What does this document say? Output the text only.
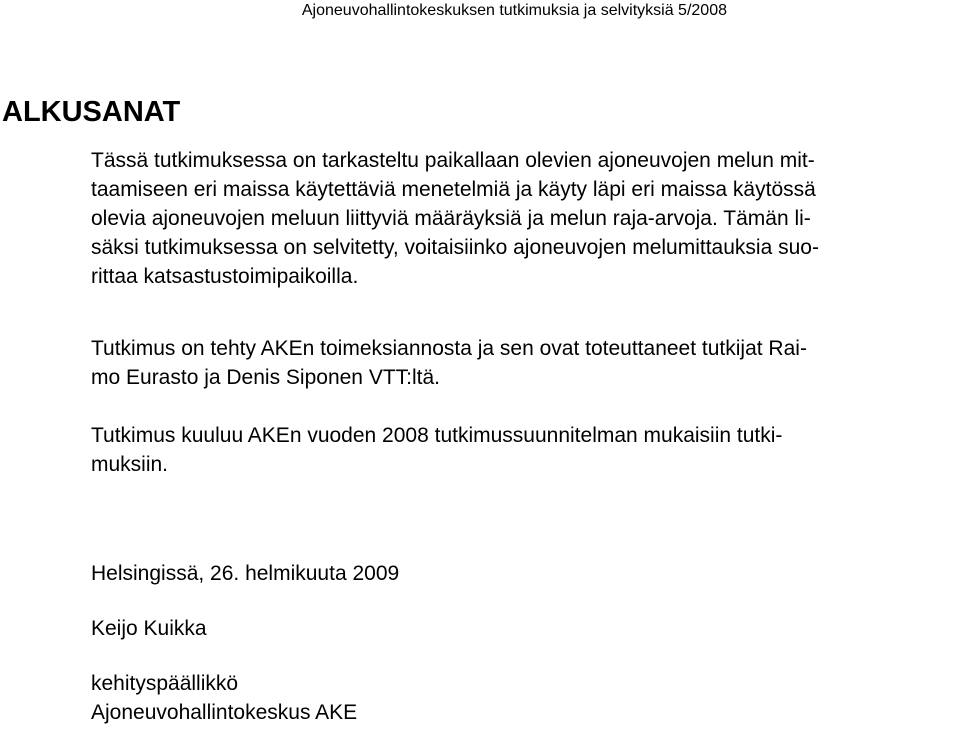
Ajoneuvohallintokeskuksen tutkimuksia ja selvityksiä 5/2008
ALKUSANAT

Tässä tutkimuksessa on tarkasteltu paikallaan olevien ajoneuvojen melun mit-
taamiseen eri maissa käytettäviä menetelmiä ja käyty läpi eri maissa käytössä
olevia ajoneuvojen meluun liittyviä määräyksiä ja melun raja-arvoja. Tämän li-
säksi tutkimuksessa on selvitetty, voitaisiinko ajoneuvojen melumittauksia suo-
rittaa katsastustoimipaikoilla.

Tutkimus on tehty AKEn toimeksiannosta ja sen ovat toteuttaneet tutkijat Rai-
mo Eurasto ja Denis Siponen VTT:ltä.

Tutkimus kuuluu AKEn vuoden 2008 tutkimussuunnitelman mukaisiin tutki-
muksiin.

Helsingissä, 26. helmikuuta 2009
Keijo Kuikka
kehityspäällikkö
Ajoneuvohallintokeskus AKE
